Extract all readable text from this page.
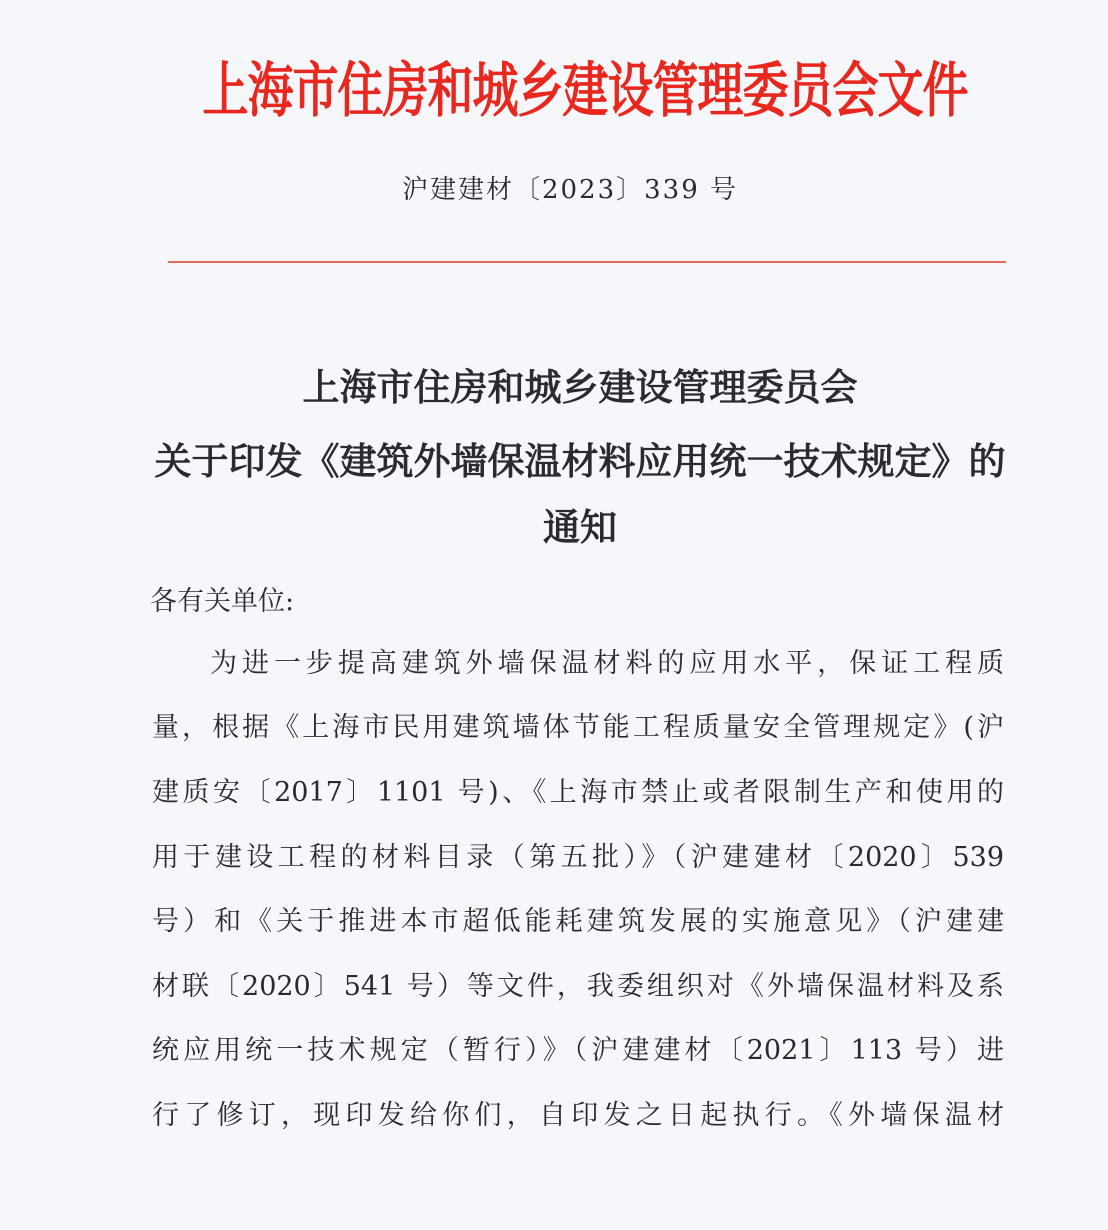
上海市住房和城乡建设管理委员会文件
沪建建材〔2023〕339 号
上海市住房和城乡建设管理委员会
关于印发《建筑外墙保温材料应用统一技术规定》的
通知
各有关单位:
为进一步提高建筑外墙保温材料的应用水平，保证工程质
量，根据《上海市民用建筑墙体节能工程质量安全管理规定》(沪
建质安〔2017〕1101 号)、《上海市禁止或者限制生产和使用的
用于建设工程的材料目录（第五批）》（沪建建材〔2020〕539
号）和《关于推进本市超低能耗建筑发展的实施意见》（沪建建
材联〔2020〕541 号）等文件，我委组织对《外墙保温材料及系
统应用统一技术规定（暂行）》（沪建建材〔2021〕113 号）进
行了修订，现印发给你们，自印发之日起执行。《外墙保温材
